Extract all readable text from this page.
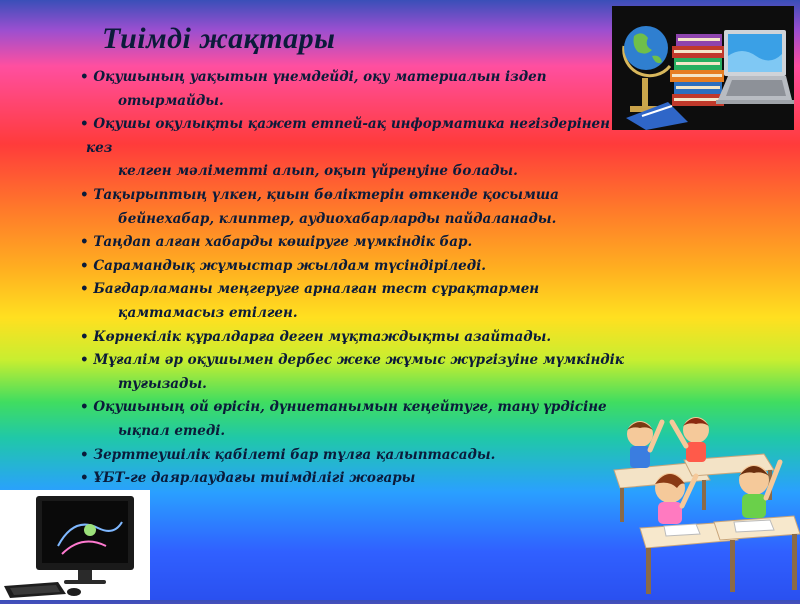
Тиімді жақтары
• Оқушының уақытын үнемдейді, оқу материалын іздеп
отырмайды.
• Оқушы оқулықты қажет етпей-ақ информатика негіздерінен
кез
келген мәліметті алып, оқып үйренуіне болады.
• Тақырыптың үлкен, қиын бөліктерін өткенде қосымша
бейнехабар, клиптер, аудиохабарларды пайдаланады.
• Таңдап алған хабарды көшіруге мүмкіндік бар.
• Сарамандық жұмыстар жылдам түсіндіріледі.
• Бағдарламаны меңгеруге арналған тест сұрақтармен
қамтамасыз етілген.
• Көрнекілік құралдарға деген мұқтаждықты азайтады.
• Мұғалім әр оқушымен дербес жеке жұмыс жүргізуіне мүмкіндік
туғызады.
• Оқушының ой өрісін, дүниетанымын кеңейтуге, тану үрдісіне
ықпал етеді.
• Зерттеушілік қабілеті бар тұлға қалыптасады.
• ҰБТ-ге даярлаудағы тиімділігі жоғары
